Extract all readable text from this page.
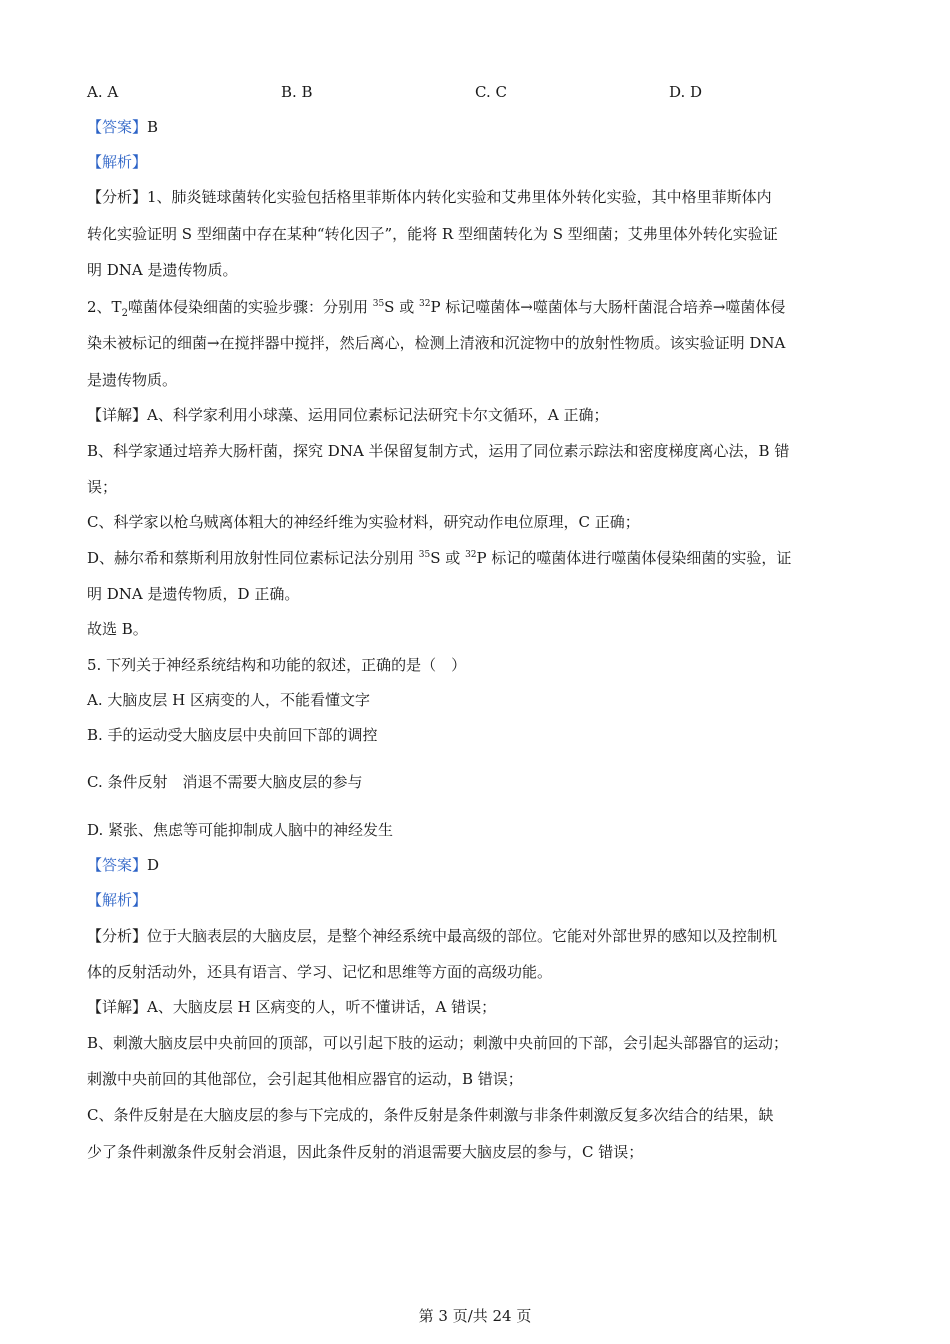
A. A	B. B	C. C	D. D
【答案】B
【解析】
【分析】1、肺炎链球菌转化实验包括格里菲斯体内转化实验和艾弗里体外转化实验，其中格里菲斯体内
转化实验证明 S 型细菌中存在某种“转化因子”，能将 R 型细菌转化为 S 型细菌；艾弗里体外转化实验证
明 DNA 是遗传物质。
2、$T_2$噬菌体侵染细菌的实验步骤：分别用 $^{35}$S 或 $^{32}$P 标记噬菌体→噬菌体与大肠杆菌混合培养→噬菌体侵
染未被标记的细菌→在搅拌器中搅拌，然后离心，检测上清液和沉淀物中的放射性物质。该实验证明 DNA
是遗传物质。
【详解】A、科学家利用小球藻、运用同位素标记法研究卡尔文循环，A 正确；
B、科学家通过培养大肠杆菌，探究 DNA 半保留复制方式，运用了同位素示踪法和密度梯度离心法，B 错
误；
C、科学家以枪乌贼离体粗大的神经纤维为实验材料，研究动作电位原理，C 正确；
D、赫尔希和蔡斯利用放射性同位素标记法分别用 $^{35}$S 或 $^{32}$P 标记的噬菌体进行噬菌体侵染细菌的实验，证
明 DNA 是遗传物质，D 正确。
故选 B。
5. 下列关于神经系统结构和功能的叙述，正确的是（　）
A. 大脑皮层 H 区病变的人，不能看懂文字
B. 手的运动受大脑皮层中央前回下部的调控
C. 条件反射　消退不需要大脑皮层的参与
D. 紧张、焦虑等可能抑制成人脑中的神经发生
【答案】D
【解析】
【分析】位于大脑表层的大脑皮层，是整个神经系统中最高级的部位。它能对外部世界的感知以及控制机
体的反射活动外，还具有语言、学习、记忆和思维等方面的高级功能。
【详解】A、大脑皮层 H 区病变的人，听不懂讲话，A 错误；
B、刺激大脑皮层中央前回的顶部，可以引起下肢的运动；刺激中央前回的下部，会引起头部器官的运动；
刺激中央前回的其他部位，会引起其他相应器官的运动，B 错误；
C、条件反射是在大脑皮层的参与下完成的，条件反射是条件刺激与非条件刺激反复多次结合的结果，缺
少了条件刺激条件反射会消退，因此条件反射的消退需要大脑皮层的参与，C 错误；
第 3 页/共 24 页
